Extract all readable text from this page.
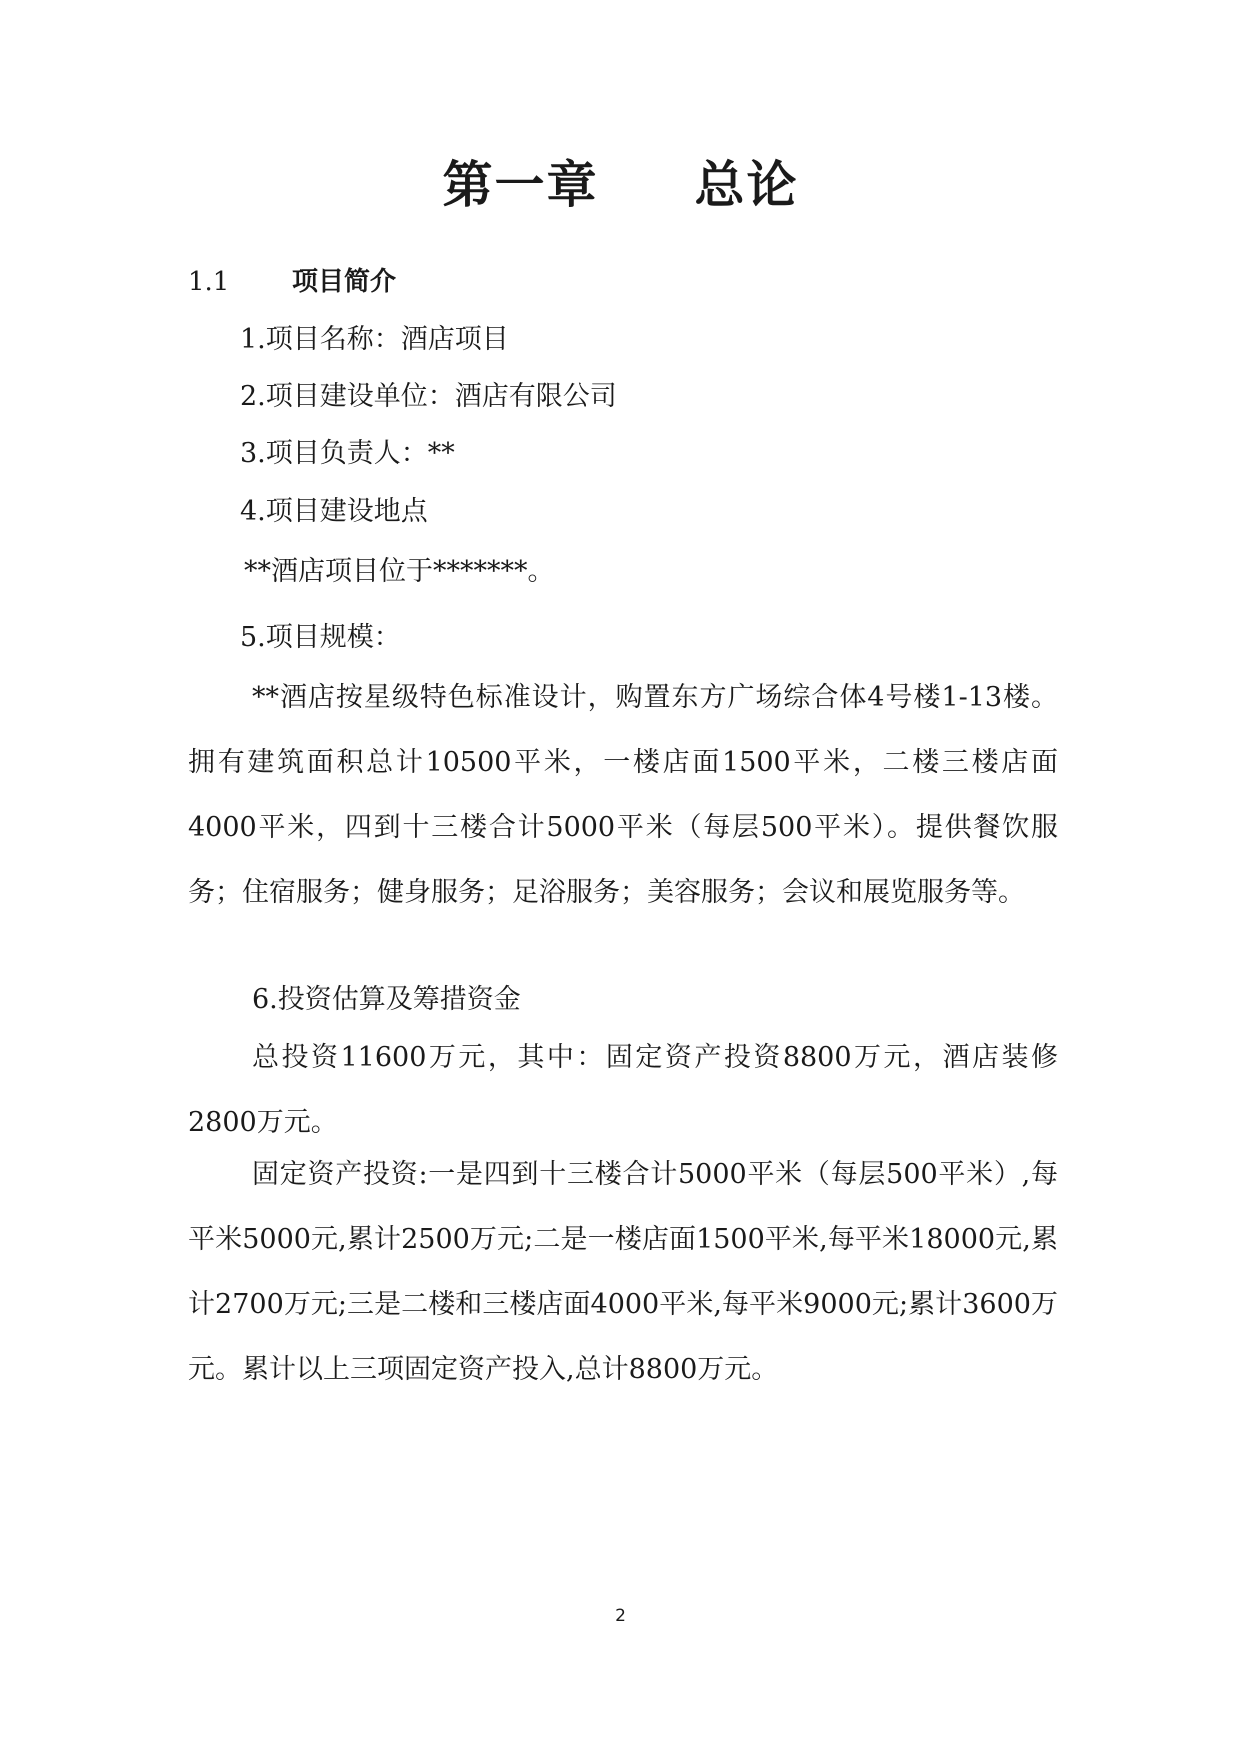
第一章 总论
1.1 项目简介
1.项目名称：酒店项目
2.项目建设单位：酒店有限公司
3.项目负责人：**
4.项目建设地点
**酒店项目位于*******。
5.项目规模：
**酒店按星级特色标准设计，购置东方广场综合体4号楼1-13楼。拥有建筑面积总计10500平米，一楼店面1500平米，二楼三楼店面4000平米，四到十三楼合计5000平米（每层500平米）。提供餐饮服务；住宿服务；健身服务；足浴服务；美容服务；会议和展览服务等。
6.投资估算及筹措资金
总投资11600万元，其中：固定资产投资8800万元，酒店装修2800万元。
固定资产投资:一是四到十三楼合计5000平米（每层500平米）,每平米5000元,累计2500万元;二是一楼店面1500平米,每平米18000元,累计2700万元;三是二楼和三楼店面4000平米,每平米9000元;累计3600万元。累计以上三项固定资产投入,总计8800万元。
2
